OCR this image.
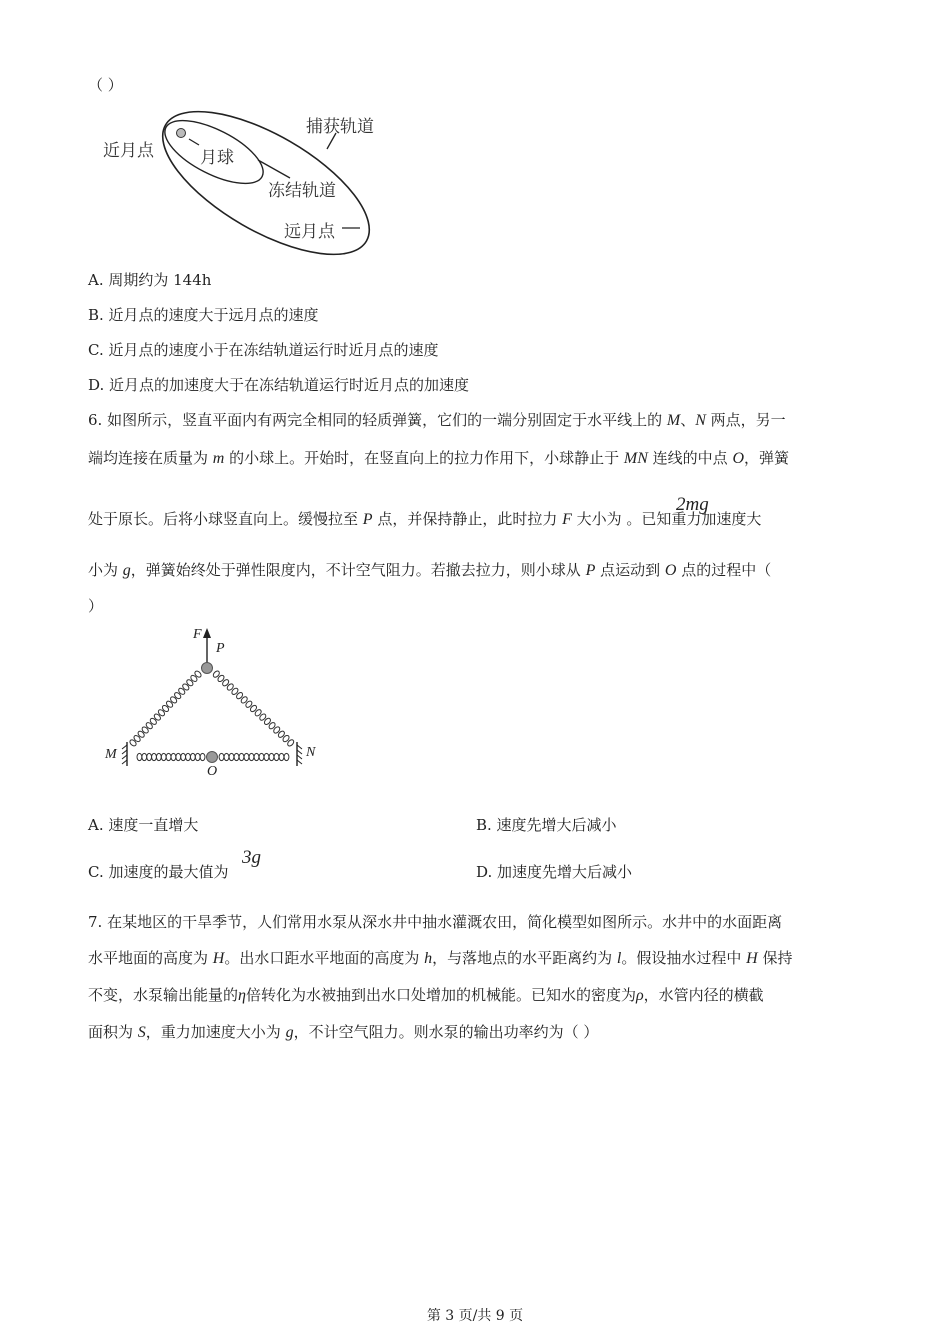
（ ）
近月点	月球
捕获轨道
冻结轨道
远月点
A. 周期约为 144h
B. 近月点的速度大于远月点的速度
C. 近月点的速度小于在冻结轨道运行时近月点的速度
D. 近月点的加速度大于在冻结轨道运行时近月点的加速度
6. 如图所示，竖直平面内有两完全相同的轻质弹簧，它们的一端分别固定于水平线上的 M、N 两点，另一
端均连接在质量为 m 的小球上。开始时，在竖直向上的拉力作用下，小球静止于 MN 连线的中点 O，弹簧
处于原长。后将小球竖直向上。缓慢拉至 P 点，并保持静止，此时拉力 F 大小为 。已知重力加速度大
2mg
小为 g，弹簧始终处于弹性限度内，不计空气阻力。若撤去拉力，则小球从 P 点运动到 O 点的过程中（
）
F
P
M	N
O
A. 速度一直增大	B. 速度先增大后减小
C. 加速度的最大值为
3g
D. 加速度先增大后减小
7. 在某地区的干旱季节，人们常用水泵从深水井中抽水灌溉农田，简化模型如图所示。水井中的水面距离
水平地面的高度为 H。出水口距水平地面的高度为 h，与落地点的水平距离约为 l。假设抽水过程中 H 保持
不变，水泵输出能量的η倍转化为水被抽到出水口处增加的机械能。已知水的密度为ρ，水管内径的横截
面积为 S，重力加速度大小为 g，不计空气阻力。则水泵的输出功率约为（ ）
第 3 页/共 9 页
